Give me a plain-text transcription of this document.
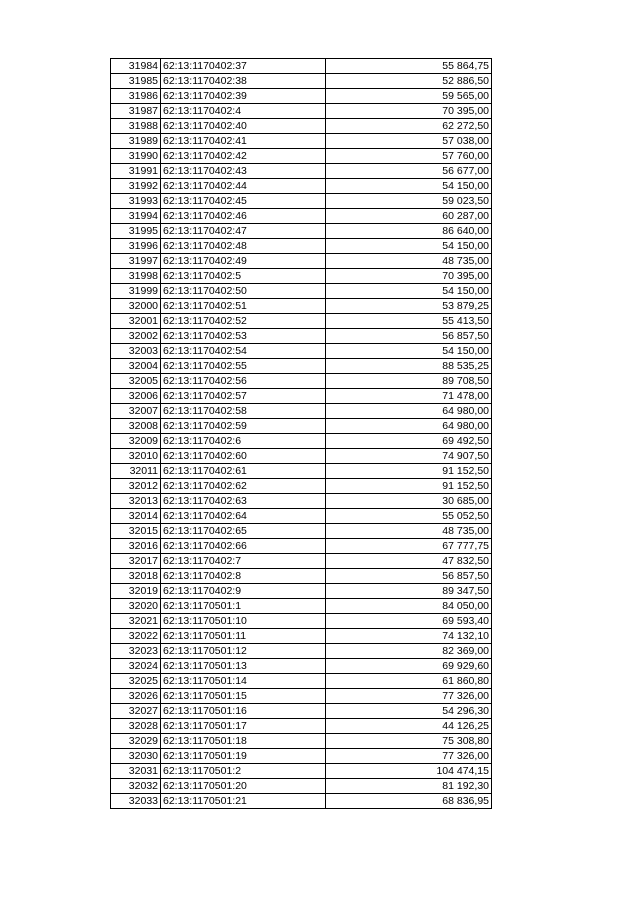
31984	62:13:1170402:37	55 864,75
31985	62:13:1170402:38	52 886,50
31986	62:13:1170402:39	59 565,00
31987	62:13:1170402:4	70 395,00
31988	62:13:1170402:40	62 272,50
31989	62:13:1170402:41	57 038,00
31990	62:13:1170402:42	57 760,00
31991	62:13:1170402:43	56 677,00
31992	62:13:1170402:44	54 150,00
31993	62:13:1170402:45	59 023,50
31994	62:13:1170402:46	60 287,00
31995	62:13:1170402:47	86 640,00
31996	62:13:1170402:48	54 150,00
31997	62:13:1170402:49	48 735,00
31998	62:13:1170402:5	70 395,00
31999	62:13:1170402:50	54 150,00
32000	62:13:1170402:51	53 879,25
32001	62:13:1170402:52	55 413,50
32002	62:13:1170402:53	56 857,50
32003	62:13:1170402:54	54 150,00
32004	62:13:1170402:55	88 535,25
32005	62:13:1170402:56	89 708,50
32006	62:13:1170402:57	71 478,00
32007	62:13:1170402:58	64 980,00
32008	62:13:1170402:59	64 980,00
32009	62:13:1170402:6	69 492,50
32010	62:13:1170402:60	74 907,50
32011	62:13:1170402:61	91 152,50
32012	62:13:1170402:62	91 152,50
32013	62:13:1170402:63	30 685,00
32014	62:13:1170402:64	55 052,50
32015	62:13:1170402:65	48 735,00
32016	62:13:1170402:66	67 777,75
32017	62:13:1170402:7	47 832,50
32018	62:13:1170402:8	56 857,50
32019	62:13:1170402:9	89 347,50
32020	62:13:1170501:1	84 050,00
32021	62:13:1170501:10	69 593,40
32022	62:13:1170501:11	74 132,10
32023	62:13:1170501:12	82 369,00
32024	62:13:1170501:13	69 929,60
32025	62:13:1170501:14	61 860,80
32026	62:13:1170501:15	77 326,00
32027	62:13:1170501:16	54 296,30
32028	62:13:1170501:17	44 126,25
32029	62:13:1170501:18	75 308,80
32030	62:13:1170501:19	77 326,00
32031	62:13:1170501:2	104 474,15
32032	62:13:1170501:20	81 192,30
32033	62:13:1170501:21	68 836,95
